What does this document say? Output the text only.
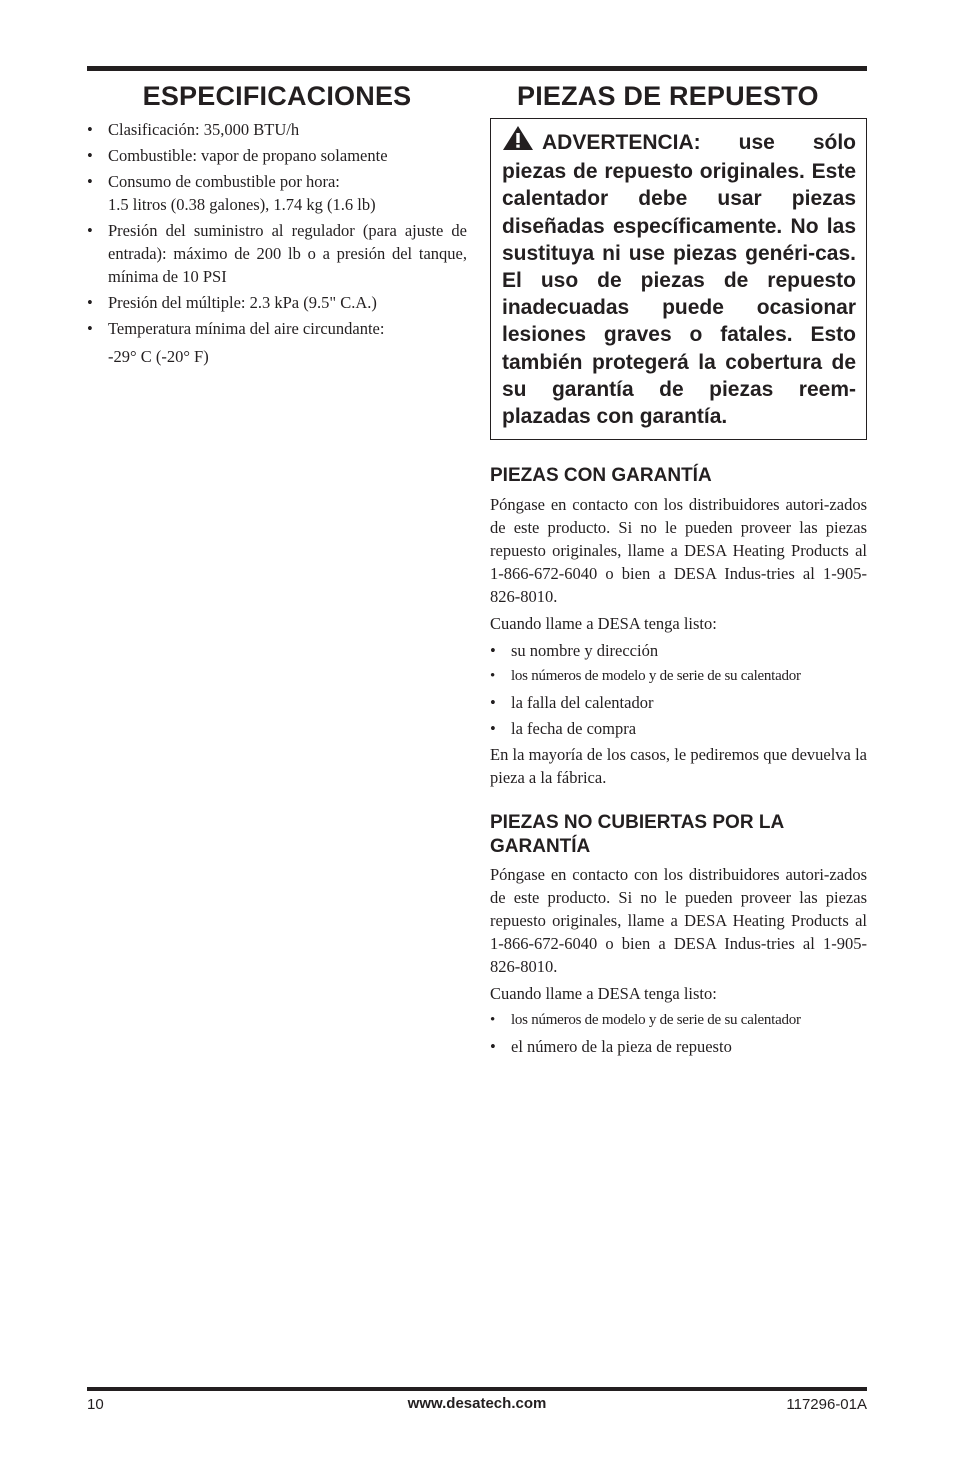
ESPECIFICACIONES
• Clasificación: 35,000 BTU/h
• Combustible: vapor de propano solamente
• Consumo de combustible por hora:
1.5 litros (0.38 galones), 1.74 kg (1.6 lb)
• Presión del suministro al regulador (para ajuste de entrada): máximo de 200 lb o a presión del tanque, mínima de 10 PSI
• Presión del múltiple: 2.3 kPa (9.5" C.A.)
• Temperatura mínima del aire circundante:
-29° C (-20° F)
PIEZAS DE REPUESTO

ADVERTENCIA: use sólo piezas de repuesto originales. Este calentador debe usar piezas diseñadas específicamente. No las sustituya ni use piezas genéri-cas. El uso de piezas de repuesto inadecuadas puede ocasionar lesiones graves o fatales. Esto también protegerá la cobertura de su garantía de piezas reem-plazadas con garantía.

PIEZAS CON GARANTÍA

Póngase en contacto con los distribuidores autori-zados de este producto. Si no le pueden proveer las piezas repuesto originales, llame a DESA Heating Products al 1-866-672-6040 o bien a DESA Indus-tries al 1-905-826-8010.

Cuando llame a DESA tenga listo:

• su nombre y dirección
• los números de modelo y de serie de su calentador
• la falla del calentador
• la fecha de compra

En la mayoría de los casos, le pediremos que devuelva la pieza a la fábrica.

PIEZAS NO CUBIERTAS POR LA GARANTÍA

Póngase en contacto con los distribuidores autori-zados de este producto. Si no le pueden proveer las piezas repuesto originales, llame a DESA Heating Products al 1-866-672-6040 o bien a DESA Indus-tries al 1-905-826-8010.

Cuando llame a DESA tenga listo:

• los números de modelo y de serie de su calentador
• el número de la pieza de repuesto
10	www.desatech.com	117296-01A
